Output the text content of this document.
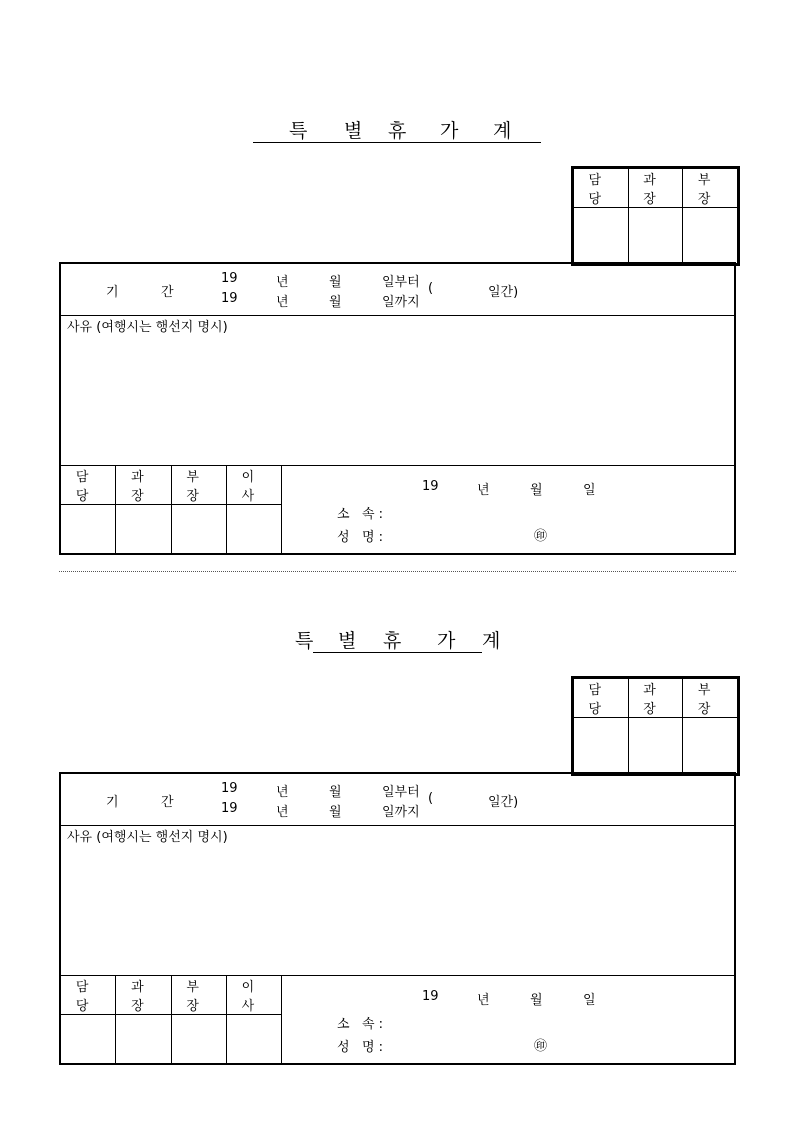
특 별 휴 가 계
담 당	과 장	부 장

기	간
19	년	월	일부터
19	년	월	일까지
(	일간)
사유 (여행시는 행선지 명시)
담 당	과 장	부 장	이 사

19	년	월	일
소   속 :
성   명 :	㊞
특 별 휴 가 계
담 당	과 장	부 장

기	간
19	년	월	일부터
19	년	월	일까지
(	일간)
사유 (여행시는 행선지 명시)
담 당	과 장	부 장	이 사

19	년	월	일
소   속 :
성   명 :	㊞
